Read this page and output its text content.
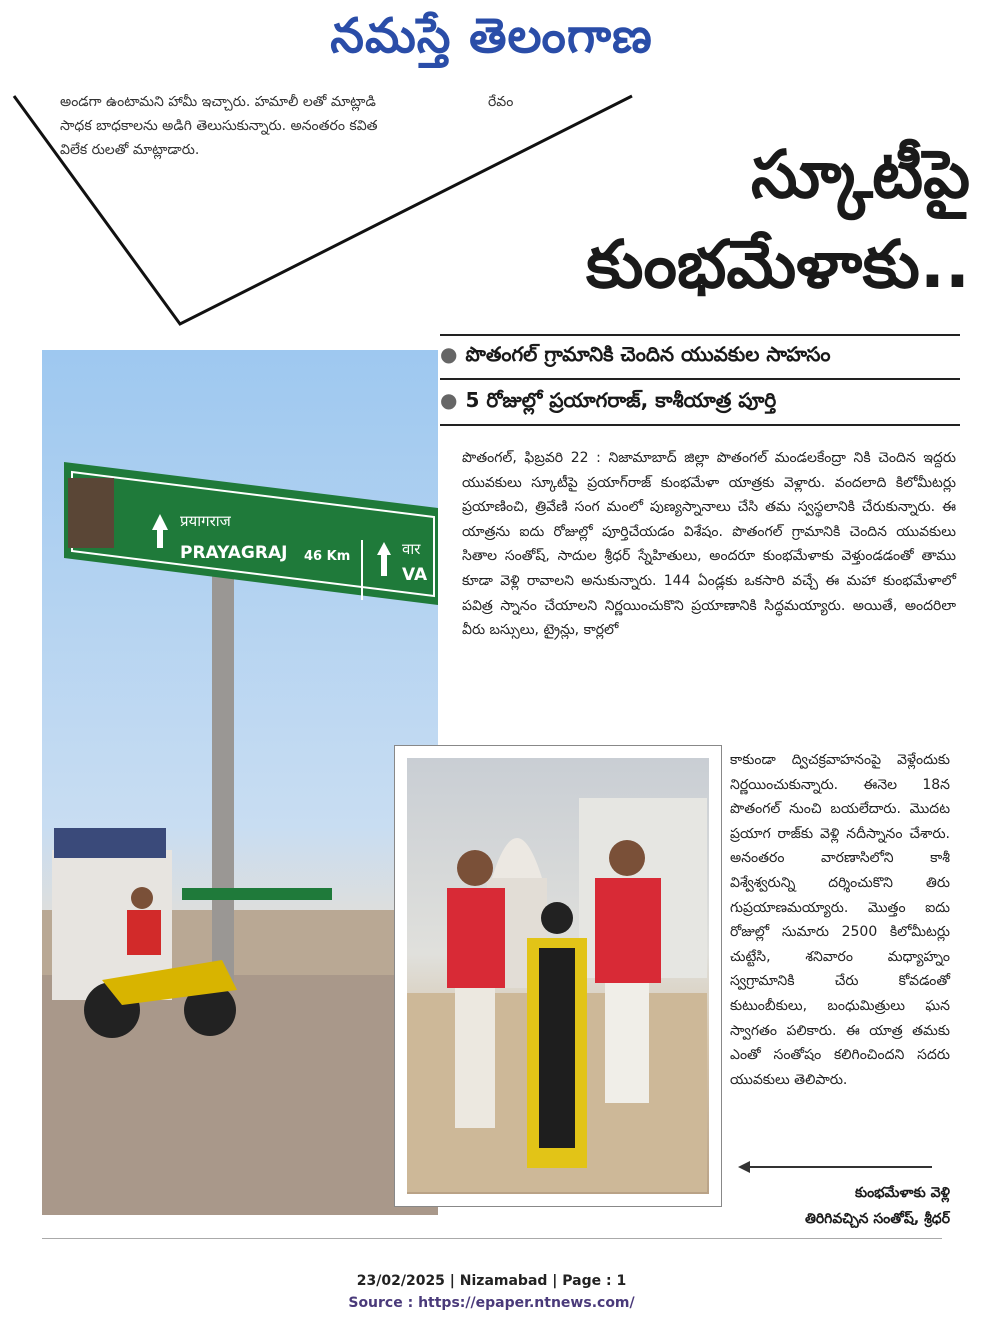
నమస్తే తెలంగాణ
అండగా ఉంటామని హామీ ఇచ్చారు. హమాలీ లతో మాట్లాడి సాధక బాధకాలను అడిగి తెలుసుకున్నారు. అనంతరం కవిత విలేక రులతో మాట్లాడారు.
రేవం
స్కూటీపై
కుంభమేళాకు..
● పొతంగల్ గ్రామానికి చెందిన యువకుల సాహసం
● 5 రోజుల్లో ప్రయాగరాజ్, కాశీయాత్ర పూర్తి
प्रयागराज
PRAYAGRAJ 46 Km	वार
VA
పొతంగల్, ఫిబ్రవరి 22 : నిజామాబాద్ జిల్లా పొతంగల్ మండలకేంద్రా నికి చెందిన ఇద్దరు యువకులు స్కూటీపై ప్రయాగ్‌రాజ్ కుంభమేళా యాత్రకు వెళ్లారు. వందలాది కిలోమీటర్లు ప్రయాణించి, త్రివేణి సంగ మంలో పుణ్యస్నానాలు చేసి తమ స్వస్థలానికి చేరుకున్నారు. ఈ యాత్రను ఐదు రోజుల్లో పూర్తిచేయడం విశేషం. పొతంగల్ గ్రామానికి చెందిన యువకులు సితాల సంతోష్, సాదుల శ్రీధర్ స్నేహితులు, అందరూ కుంభమేళాకు వెళ్తుండడంతో తాము కూడా వెళ్లి రావాలని అనుకున్నారు. 144 ఏండ్లకు ఒకసారి వచ్చే ఈ మహా కుంభమేళాలో పవిత్ర స్నానం చేయాలని నిర్ణయించుకొని ప్రయాణానికి సిద్ధమయ్యారు. అయితే, అందరిలా వీరు బస్సులు, ట్రైన్లు, కార్లలో
కాకుండా ద్విచక్రవాహనంపై వెళ్లేందుకు నిర్ణయించుకున్నారు. ఈనెల 18న పొతంగల్ నుంచి బయలేదారు. మొదట ప్రయాగ రాజ్‌కు వెళ్లి నదీస్నానం చేశారు. అనంతరం వారణాసిలోని కాశీ విశ్వేశ్వరున్ని దర్శించుకొని తిరు గుప్రయాణమయ్యారు. మొత్తం ఐదు రోజుల్లో సుమారు 2500 కిలోమీటర్లు చుట్టేసి, శనివారం మధ్యాహ్నం స్వగ్రామానికి చేరు కోవడంతో కుటుంబీకులు, బంధుమిత్రులు ఘన స్వాగతం పలికారు. ఈ యాత్ర తమకు ఎంతో సంతోషం కలిగించిందని సదరు యువకులు తెలిపారు.
కుంభమేళాకు వెళ్లి
తిరిగివచ్చిన సంతోష్, శ్రీధర్
23/02/2025 | Nizamabad | Page : 1
Source : https://epaper.ntnews.com/
